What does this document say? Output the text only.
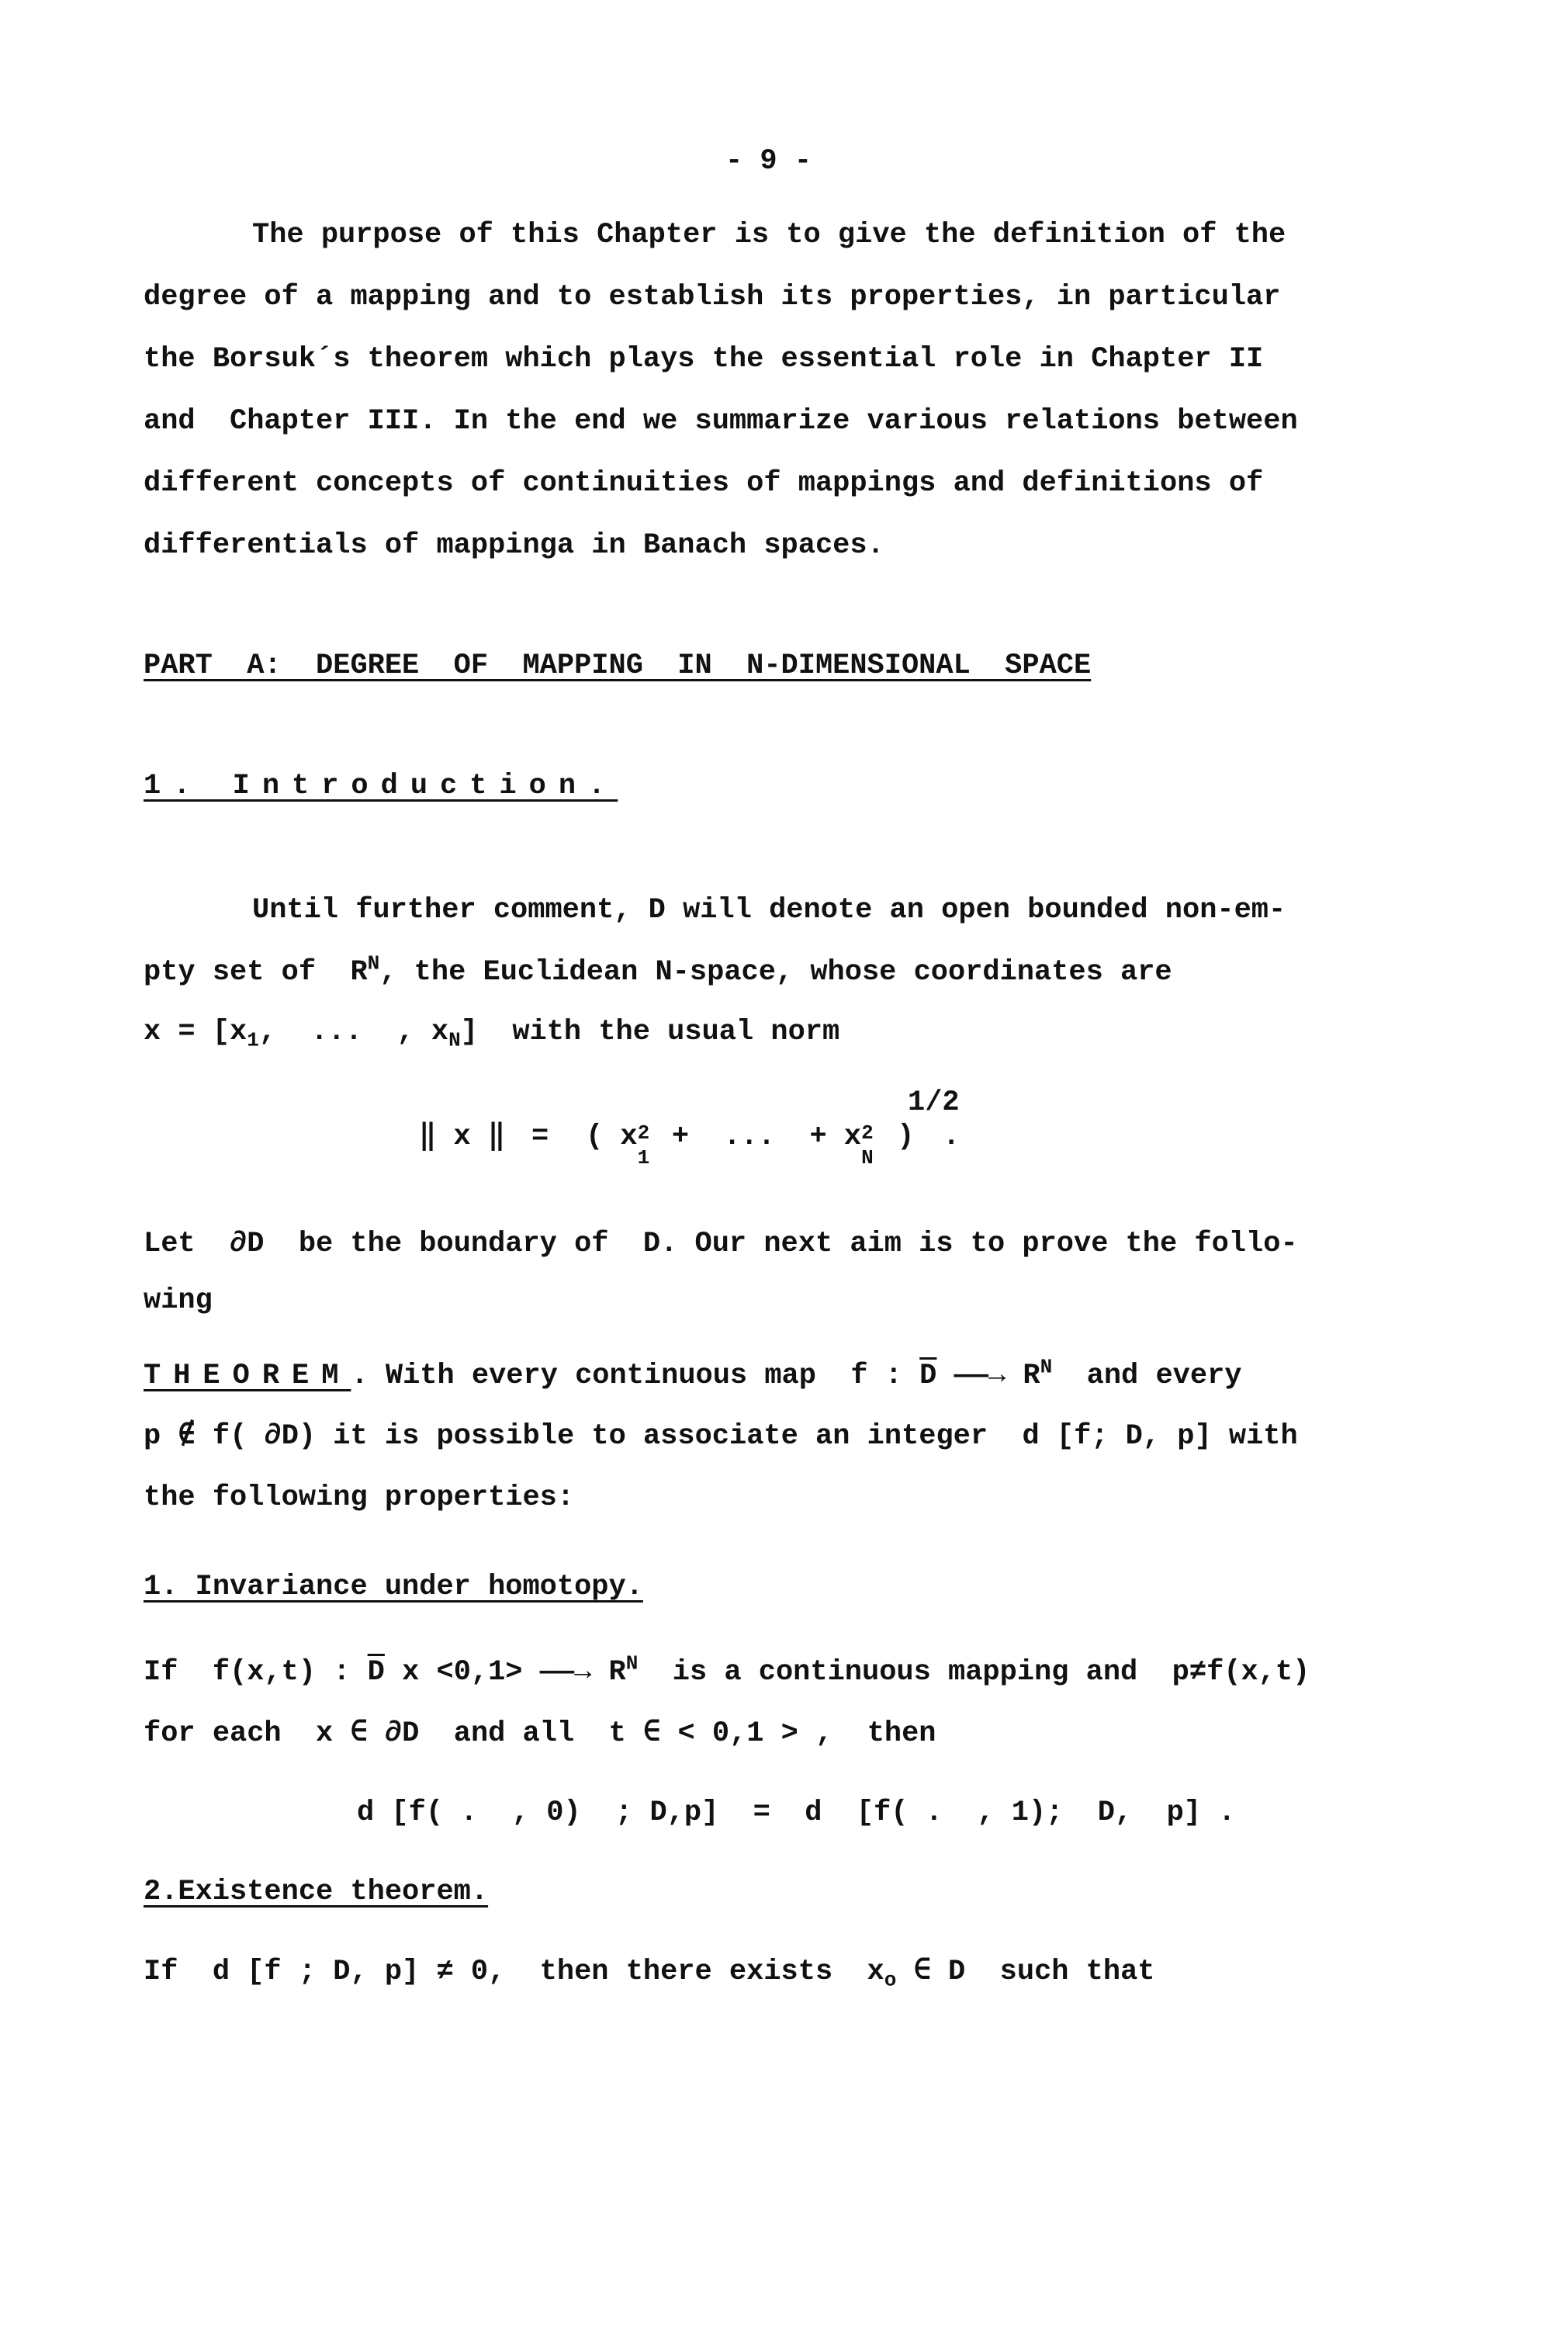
- 9 -
The purpose of this Chapter is to give the definition of the
degree of a mapping and to establish its properties, in particular
the Borsuk´s theorem which plays the essential role in Chapter II
and  Chapter III. In the end we summarize various relations between
different concepts of continuities of mappings and definitions of
differentials of mappinga in Banach spaces.
PART  A:  DEGREE  OF  MAPPING  IN  N-DIMENSIONAL  SPACE
1. Introduction.
Until further comment, D will denote an open bounded non-em-
pty set of  $R^N$, the Euclidean N-space, whose coordinates are
$x = [x_1$,  ...  , $x_N$]  with the usual norm
1/2
‖ x ‖ = ( x 2
1
+  ...  + x 2
N
) .
Let  ∂D  be the boundary of  D. Our next aim is to prove the follo-
wing
THEOREM. With every continuous map  f : $\overline{D}$ ——→ $R^N$  and every
p ∉ f( ∂D) it is possible to associate an integer  d [f; D, p] with
the following properties:
1. Invariance under homotopy.
If  f(x,t) : $\overline{D}$ x <0,1> ——→ $R^N$  is a continuous mapping and  p≠f(x,t)
for each  x ∈ ∂D  and all  t ∈ < 0,1 > ,  then
d [f( .  , 0)  ; D,p]  =  d  [f( .  , 1);  D,  p] .
2.Existence theorem.
If  d [f ; D, p] ≠ 0,  then there exists  $x_o$ ∈ D  such that
